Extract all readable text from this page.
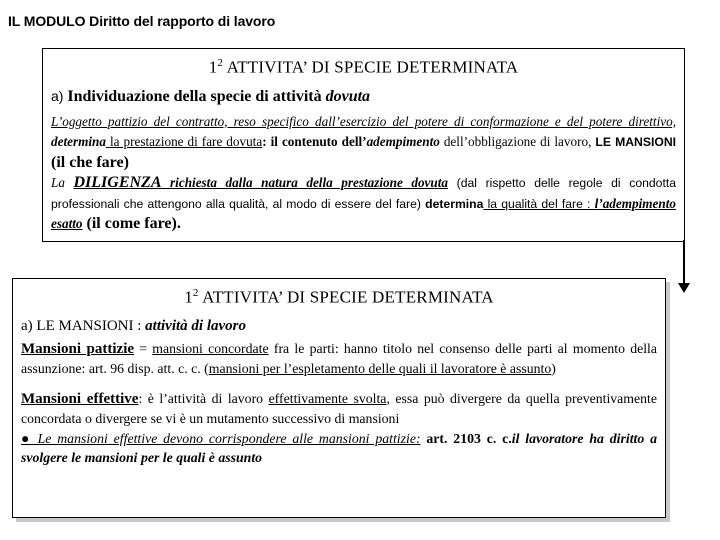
IL MODULO Diritto del rapporto di lavoro
$1^2$ ATTIVITA’ DI SPECIE DETERMINATA
a) Individuazione della specie di attività dovuta
L’oggetto pattizio del contratto, reso specifico dall’esercizio del potere di conformazione e del potere direttivo, determina la prestazione di fare dovuta: il contenuto dell’adempimento dell’obbligazione di lavoro, LE MANSIONI (il che fare)
La DILIGENZA richiesta dalla natura della prestazione dovuta (dal rispetto delle regole di condotta professionali che attengono alla qualità, al modo di essere del fare) determina la qualità del fare : l’adempimento esatto (il come fare).
$1^2$ ATTIVITA’ DI SPECIE DETERMINATA
a) LE MANSIONI : attività di lavoro
Mansioni pattizie = mansioni concordate fra le parti: hanno titolo nel consenso delle parti al momento della assunzione: art. 96 disp. att. c. c. (mansioni per l’espletamento delle quali il lavoratore è assunto)
Mansioni effettive: è l’attività di lavoro effettivamente svolta, essa può divergere da quella preventivamente concordata o divergere se vi è un mutamento successivo di mansioni
● Le mansioni effettive devono corrispondere alle mansioni pattizie: art. 2103 c. c.il lavoratore ha diritto a svolgere le mansioni per le quali è assunto
